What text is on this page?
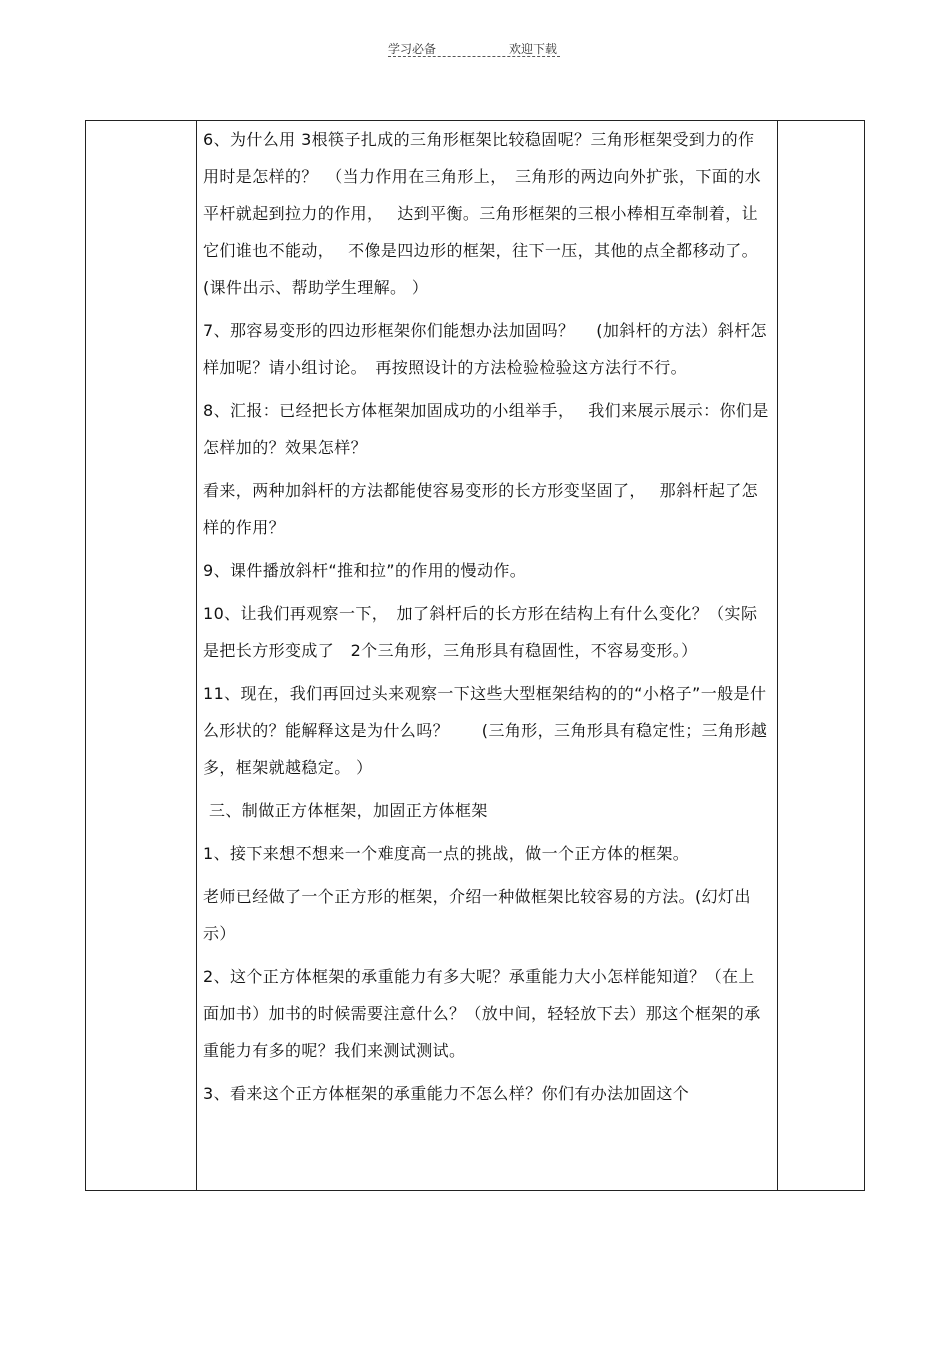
学习必备	欢迎下载

6、为什么用 3根筷子扎成的三角形框架比较稳固呢？三角形框架受到力的作用时是怎样的？　（当力作用在三角形上，　三角形的两边向外扩张，下面的水平杆就起到拉力的作用，　 达到平衡。三角形框架的三根小棒相互牵制着，让它们谁也不能动，　 不像是四边形的框架，往下一压，其他的点全都移动了。　(课件出示、帮助学生理解。 ）

7、那容易变形的四边形框架你们能想办法加固吗？　 (加斜杆的方法）斜杆怎样加呢？请小组讨论。　再按照设计的方法检验检验这方法行不行。

8、汇报：已经把长方体框架加固成功的小组举手，　 我们来展示展示：你们是怎样加的？效果怎样？

看来，两种加斜杆的方法都能使容易变形的长方形变坚固了，　 那斜杆起了怎样的作用？

9、课件播放斜杆“推和拉”的作用的慢动作。

10、让我们再观察一下，　加了斜杆后的长方形在结构上有什么变化？（实际是把长方形变成了　2个三角形，三角形具有稳固性，不容易变形。）

11、现在，我们再回过头来观察一下这些大型框架结构的的“小格子”一般是什么形状的？能解释这是为什么吗？　　(三角形，三角形具有稳定性；三角形越多，框架就越稳定。 ）

三、制做正方体框架，加固正方体框架

1、接下来想不想来一个难度高一点的挑战，做一个正方体的框架。

老师已经做了一个正方形的框架，介绍一种做框架比较容易的方法。(幻灯出示）

2、这个正方体框架的承重能力有多大呢？承重能力大小怎样能知道？（在上面加书）加书的时候需要注意什么？（放中间，轻轻放下去）那这个框架的承重能力有多的呢？我们来测试测试。

3、看来这个正方体框架的承重能力不怎么样？你们有办法加固这个
